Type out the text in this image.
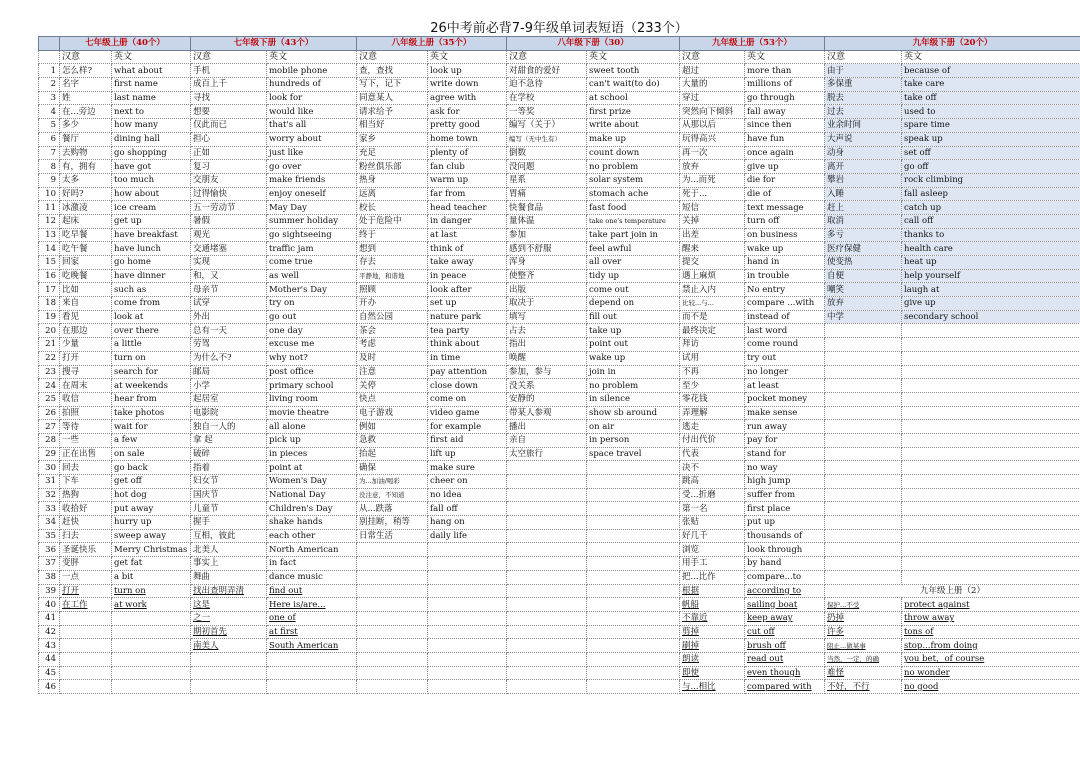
26中考前必背7-9年级单词表短语（233个）
	七年级上册（40个）		七年级下册（43个）		八年级上册（35个）		八年级下册（30）		九年级上册（53个）		九年级下册（20个）	
	汉意	英文	汉意	英文	汉意	英文	汉意	英文	汉意	英文	汉意	英文
1	怎么样?	what about	手机	mobile phone	查，查找	look up	对甜食的爱好	sweet tooth	超过	more than	由于	because of
2	名字	first name	成百上千	hundreds of	写下，记下	write down	迫不急待	can't wait(to do)	大量的	millions of	多保重	take care
3	姓	last name	寻找	look for	同意某人	agree with	在学校	at school	穿过	go through	脱去	take off
4	在...旁边	next to	想要	would like	请求给予	ask for	一等奖	first prize	突然向下倾斜	fall away	过去	used to
5	多少	how many	仅此而已	that's all	相当好	pretty good	编写（关于）	write about	从那以后	since then	业余时间	spare time
6	餐厅	dining hall	担心	worry about	家乡	home town	编写（无中生有）	make up	玩得高兴	have fun	大声说	speak up
7	去购物	go shopping	正如	just like	充足	plenty of	倒数	count down	再一次	once again	动身	set off
8	有，拥有	have got	复习	go over	粉丝俱乐部	fan club	没问题	no problem	放弃	give up	离开	go off
9	太多	too much	交朋友	make friends	热身	warm up	星系	solar system	为...而死	die for	攀岩	rock climbing
10	好吗?	how about	过得愉快	enjoy oneself	远离	far from	胃痛	stomach ache	死于...	die of	入睡	fall asleep
11	冰激凌	ice cream	五一劳动节	May Day	校长	head teacher	快餐食品	fast food	短信	text message	赶上	catch up
12	起床	get up	暑假	summer holiday	处于危险中	in danger	量体温	take one's temperature	关掉	turn off	取消	call off
13	吃早餐	have breakfast	观光	go sightseeing	终于	at last	参加	take part join in	出差	on business	多亏	thanks to
14	吃午餐	have lunch	交通堵塞	traffic jam	想到	think of	感到不舒服	feel awful	醒来	wake up	医疗保健	health care
15	回家	go home	实现	come true	存去	take away	浑身	all over	提交	hand in	使变热	heat up
16	吃晚餐	have dinner	和，又	as well	平静地，和谐地	in peace	使整齐	tidy up	遇上麻烦	in trouble	自便	help yourself
17	比如	such as	母亲节	Mother's Day	照顾	look after	出版	come out	禁止入内	No entry	嘲笑	laugh at
18	来自	come from	试穿	try on	开办	set up	取决于	depend on	比较...与...	compare ...with	放弃	give up
19	看见	look at	外出	go out	自然公园	nature park	填写	fill out	而不是	instead of	中学	secondary school
20	在那边	over there	总有一天	one day	茶会	tea party	占去	take up	最终决定	last word		
21	少量	a little	劳驾	excuse me	考虑	think about	指出	point out	拜访	come round		
22	打开	turn on	为什么不?	why not?	及时	in time	唤醒	wake up	试用	try out		
23	搜寻	search for	邮局	post office	注意	pay attention	参加，参与	join in	不再	no longer		
24	在周末	at weekends	小学	primary school	关停	close down	没关系	no problem	至少	at least		
25	收信	hear from	起居室	living room	快点	come on	安静的	in silence	零花钱	pocket money		
26	拍照	take photos	电影院	movie theatre	电子游戏	video game	带某人参观	show sb around	弄理解	make sense		
27	等待	wait for	独自一人的	all alone	例如	for example	播出	on air	逃走	run away		
28	一些	a few	拿 起	pick up	急救	first aid	亲自	in person	付出代价	pay for		
29	正在出售	on sale	破碎	in pieces	抬起	lift up	太空旅行	space travel	代表	stand for		
30	回去	go back	指着	point at	确保	make sure			决不	no way		
31	下车	get off	妇女节	Women's Day	为...加油/喝彩	cheer on			跳高	high jump		
32	热狗	hot dog	国庆节	National Day	没注意，不知道	no idea			受...折磨	suffer from		
33	收拾好	put away	儿童节	Children's Day	从...跌落	fall off			第一名	first place		
34	赶快	hurry up	握手	shake hands	别挂断，稍等	hang on			张贴	put up		
35	扫去	sweep away	互相，彼此	each other	日常生活	daily life			好几千	thousands of		
36	圣诞快乐	Merry Christmas	北美人	North American					浏览	look through		
37	变胖	get fat	事实上	in fact					用手工	by hand		
38	一点	a bit	舞曲	dance music					把...比作	compare...to		
39	打开	turn on	找出查明弄清	find out					根据	according to	九年级上册（2）	
40	在工作	at work	这是	Here is/are...					帆船	sailing boat	保护...不受	protect against
41			之一	one of					不靠近	keep away	扔掉	throw away
42			期初首先	at first					剪掉	cut off	许多	tons of
43			南美人	South American					刷掉	brush off	阻止...做某事	stop...from doing
44									朗读	read out	当然，一定，的确	you bet，of course
45									即使	even though	难怪	no wonder
46									与...相比	compared with	不好，不行	no good
